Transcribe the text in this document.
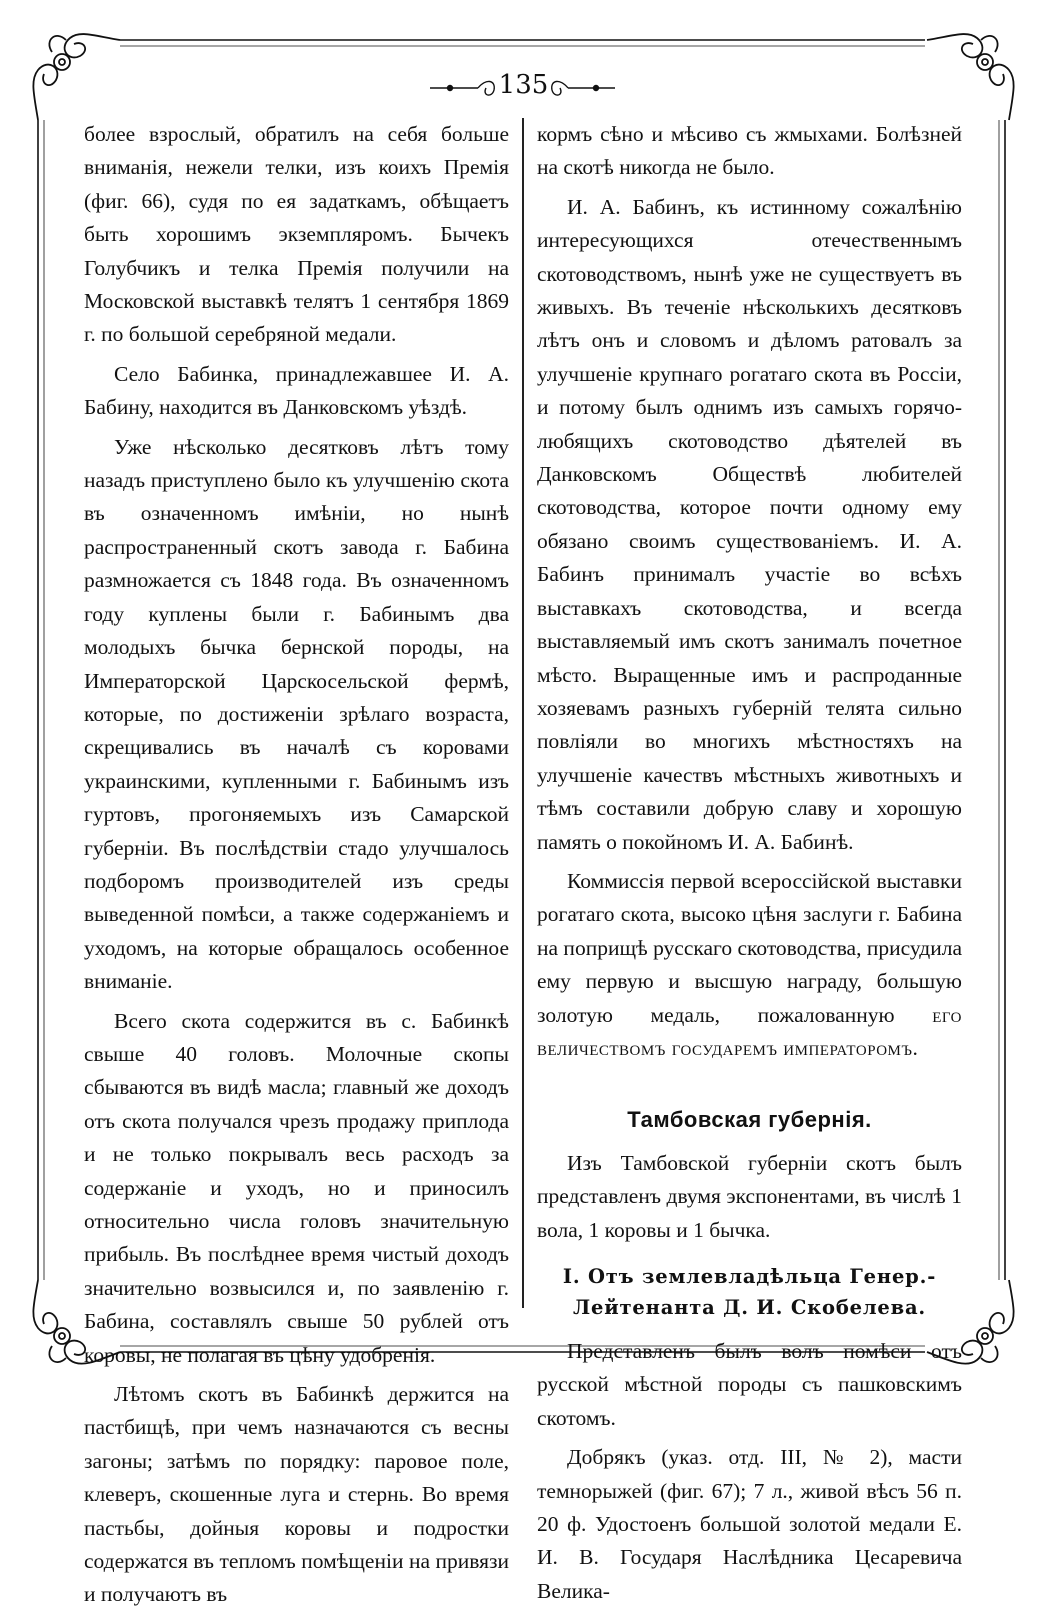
135

более взрослый, обратилъ на себя больше вниманія, нежели телки, изъ коихъ Премія (фиг. 66), судя по ея задаткамъ, обѣщаетъ быть хорошимъ экземпляромъ. Бычекъ Голубчикъ и телка Премія получили на Московской выставкѣ телятъ 1 сентября 1869 г. по большой серебряной медали.

Село Бабинка, принадлежавшее И. А. Бабину, находится въ Данковскомъ уѣздѣ.

Уже нѣсколько десятковъ лѣтъ тому назадъ приступлено было къ улучшенію скота въ означенномъ имѣніи, но нынѣ распространенный скотъ завода г. Бабина размножается съ 1848 года. Въ означенномъ году куплены были г. Бабинымъ два молодыхъ бычка бернской породы, на Императорской Царскосельской фермѣ, которые, по достиженіи зрѣлаго возраста, скрещивались въ началѣ съ коровами украинскими, купленными г. Бабинымъ изъ гуртовъ, прогоняемыхъ изъ Самарской губерніи. Въ послѣдствіи стадо улучшалось подборомъ производителей изъ среды выведенной помѣси, а также содержаніемъ и уходомъ, на которые обращалось особенное вниманіе.

Всего скота содержится въ с. Бабинкѣ свыше 40 головъ. Молочные скопы сбываются въ видѣ масла; главный же доходъ отъ скота получался чрезъ продажу приплода и не только покрывалъ весь расходъ за содержаніе и уходъ, но и приносилъ относительно числа головъ значительную прибыль. Въ послѣднее время чистый доходъ значительно возвысился и, по заявленію г. Бабина, составлялъ свыше 50 рублей отъ коровы, не полагая въ цѣну удобренія.

Лѣтомъ скотъ въ Бабинкѣ держится на пастбищѣ, при чемъ назначаются съ весны загоны; затѣмъ по порядку: паровое поле, клеверъ, скошенные луга и стернь. Во время пастьбы, дойныя коровы и подростки содержатся въ тепломъ помѣщеніи на привязи и получаютъ въ

кормъ сѣно и мѣсиво съ жмыхами. Болѣзней на скотѣ никогда не было.

И. А. Бабинъ, къ истинному сожалѣнію интересующихся отечественнымъ скотоводствомъ, нынѣ уже не существуетъ въ живыхъ. Въ теченіе нѣсколькихъ десятковъ лѣтъ онъ и словомъ и дѣломъ ратовалъ за улучшеніе крупнаго рогатаго скота въ Россіи, и потому былъ однимъ изъ самыхъ горячо-любящихъ скотоводство дѣятелей въ Данковскомъ Обществѣ любителей скотоводства, которое почти одному ему обязано своимъ существованіемъ. И. А. Бабинъ принималъ участіе во всѣхъ выставкахъ скотоводства, и всегда выставляемый имъ скотъ занималъ почетное мѣсто. Выращенные имъ и распроданные хозяевамъ разныхъ губерній телята сильно повліяли во многихъ мѣстностяхъ на улучшеніе качествъ мѣстныхъ животныхъ и тѣмъ составили добрую славу и хорошую память о покойномъ И. А. Бабинѣ.

Коммиссія первой всероссійской выставки рогатаго скота, высоко цѣня заслуги г. Бабина на поприщѣ русскаго скотоводства, присудила ему первую и высшую награду, большую золотую медаль, пожалованную его величествомъ государемъ императоромъ.

Тамбовская губернія.

Изъ Тамбовской губерніи скотъ былъ представленъ двумя экспонентами, въ числѣ 1 вола, 1 коровы и 1 бычка.

I. Отъ землевладѣльца Генер.-Лейтенанта Д. И. Скобелева.

Представленъ былъ волъ помѣси отъ русской мѣстной породы съ пашковскимъ скотомъ.

Добрякъ (указ. отд. III, № 2), масти темнорыжей (фиг. 67); 7 л., живой вѣсъ 56 п. 20 ф. Удостоенъ большой золотой медали Е. И. В. Государя Наслѣдника Цесаревича Велика-
